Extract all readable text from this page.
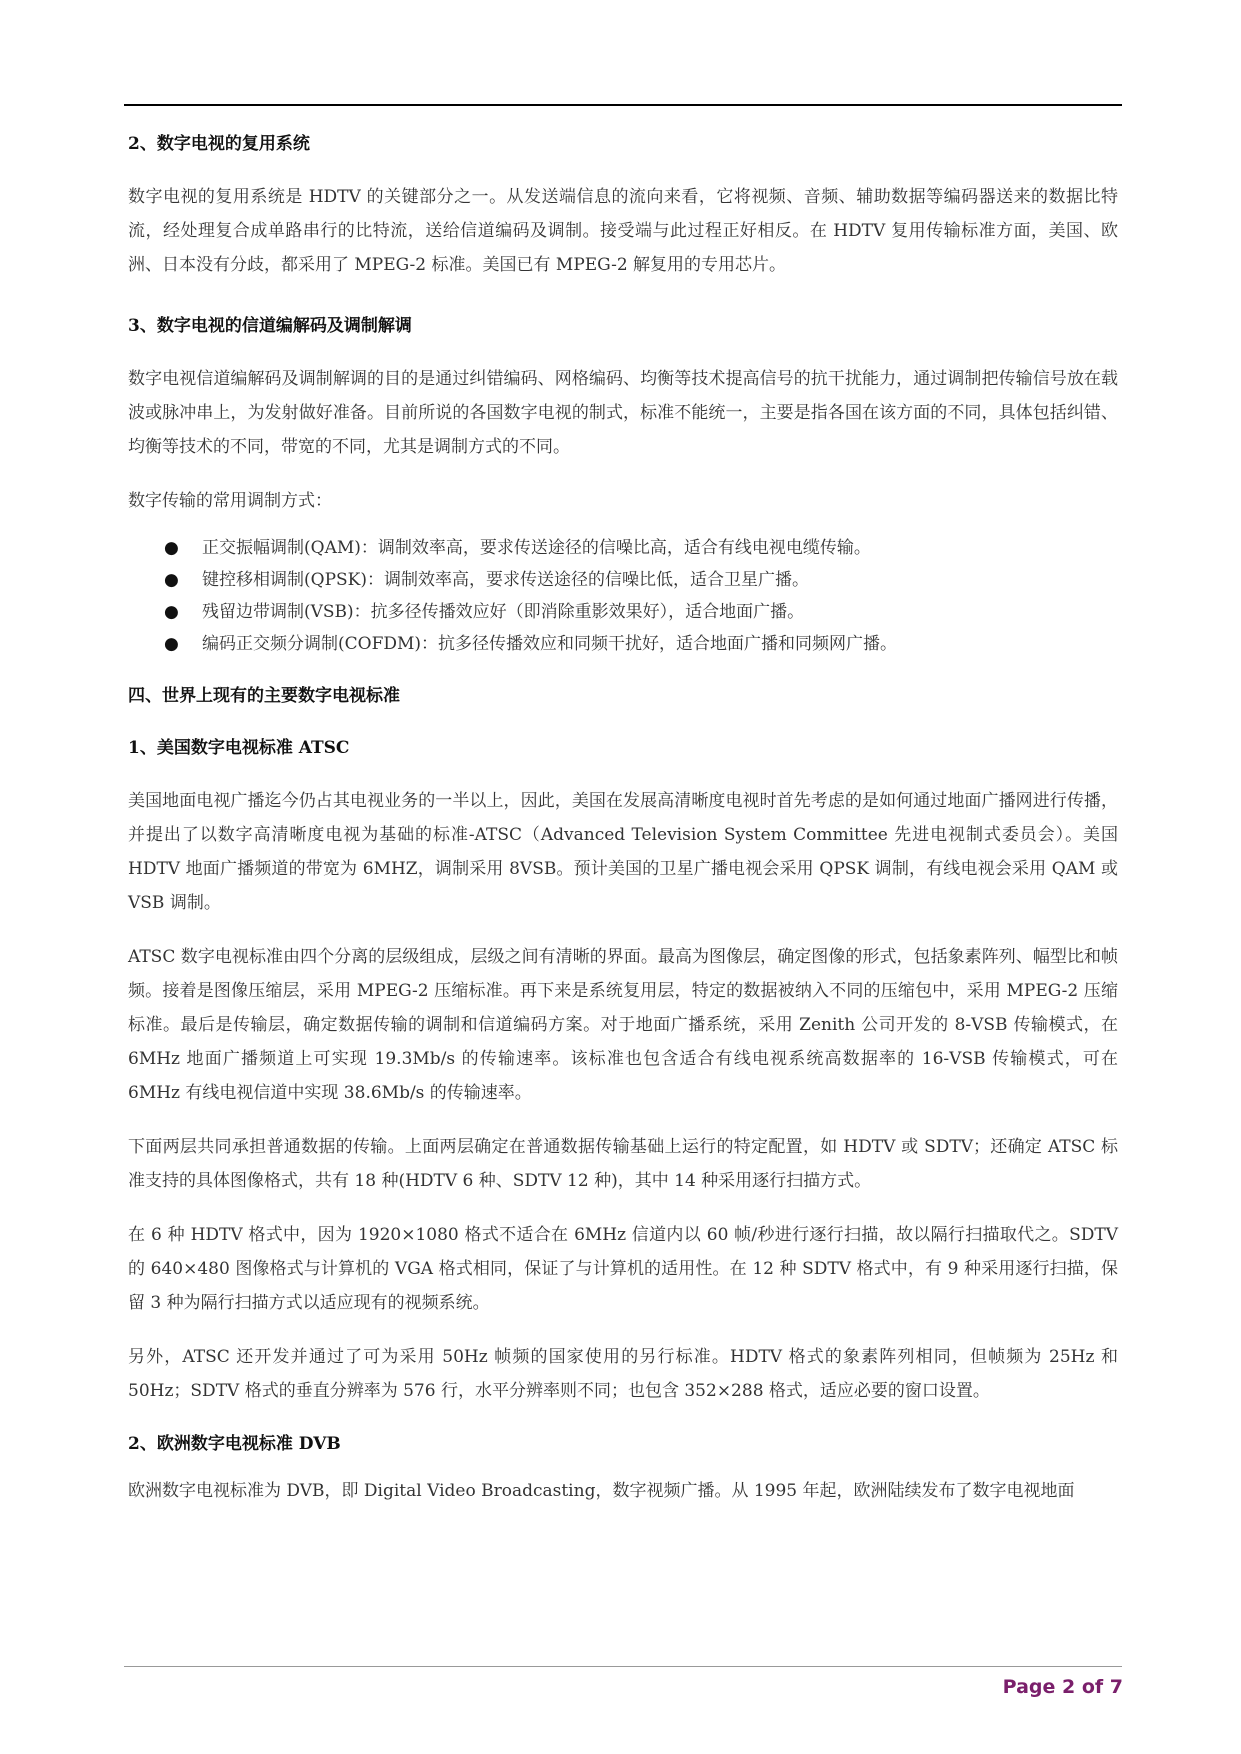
2、数字电视的复用系统

数字电视的复用系统是 HDTV 的关键部分之一。从发送端信息的流向来看，它将视频、音频、辅助数据等编码器送来的数据比特流，经处理复合成单路串行的比特流，送给信道编码及调制。接受端与此过程正好相反。在 HDTV 复用传输标准方面，美国、欧洲、日本没有分歧，都采用了 MPEG-2 标准。美国已有 MPEG-2 解复用的专用芯片。

3、数字电视的信道编解码及调制解调

数字电视信道编解码及调制解调的目的是通过纠错编码、网格编码、均衡等技术提高信号的抗干扰能力，通过调制把传输信号放在载波或脉冲串上，为发射做好准备。目前所说的各国数字电视的制式，标准不能统一，主要是指各国在该方面的不同，具体包括纠错、均衡等技术的不同，带宽的不同，尤其是调制方式的不同。

数字传输的常用调制方式：

● 正交振幅调制(QAM)：调制效率高，要求传送途径的信噪比高，适合有线电视电缆传输。
● 键控移相调制(QPSK)：调制效率高，要求传送途径的信噪比低，适合卫星广播。
● 残留边带调制(VSB)：抗多径传播效应好（即消除重影效果好），适合地面广播。
● 编码正交频分调制(COFDM)：抗多径传播效应和同频干扰好，适合地面广播和同频网广播。

四、世界上现有的主要数字电视标准

1、美国数字电视标准 ATSC

美国地面电视广播迄今仍占其电视业务的一半以上，因此，美国在发展高清晰度电视时首先考虑的是如何通过地面广播网进行传播，并提出了以数字高清晰度电视为基础的标准-ATSC（Advanced Television System Committee 先进电视制式委员会）。美国 HDTV 地面广播频道的带宽为 6MHZ，调制采用 8VSB。预计美国的卫星广播电视会采用 QPSK 调制，有线电视会采用 QAM 或 VSB 调制。

ATSC 数字电视标准由四个分离的层级组成，层级之间有清晰的界面。最高为图像层，确定图像的形式，包括象素阵列、幅型比和帧频。接着是图像压缩层，采用 MPEG-2 压缩标准。再下来是系统复用层，特定的数据被纳入不同的压缩包中，采用 MPEG-2 压缩标准。最后是传输层，确定数据传输的调制和信道编码方案。对于地面广播系统，采用 Zenith 公司开发的 8-VSB 传输模式，在 6MHz 地面广播频道上可实现 19.3Mb/s 的传输速率。该标准也包含适合有线电视系统高数据率的 16-VSB 传输模式，可在 6MHz 有线电视信道中实现 38.6Mb/s 的传输速率。

下面两层共同承担普通数据的传输。上面两层确定在普通数据传输基础上运行的特定配置，如 HDTV 或 SDTV；还确定 ATSC 标准支持的具体图像格式，共有 18 种(HDTV 6 种、SDTV 12 种)，其中 14 种采用逐行扫描方式。

在 6 种 HDTV 格式中，因为 1920×1080 格式不适合在 6MHz 信道内以 60 帧/秒进行逐行扫描，故以隔行扫描取代之。SDTV 的 640×480 图像格式与计算机的 VGA 格式相同，保证了与计算机的适用性。在 12 种 SDTV 格式中，有 9 种采用逐行扫描，保留 3 种为隔行扫描方式以适应现有的视频系统。

另外，ATSC 还开发并通过了可为采用 50Hz 帧频的国家使用的另行标准。HDTV 格式的象素阵列相同，但帧频为 25Hz 和 50Hz；SDTV 格式的垂直分辨率为 576 行，水平分辨率则不同；也包含 352×288 格式，适应必要的窗口设置。

2、欧洲数字电视标准 DVB

欧洲数字电视标准为 DVB，即 Digital Video Broadcasting，数字视频广播。从 1995 年起，欧洲陆续发布了数字电视地面

Page 2 of 7
